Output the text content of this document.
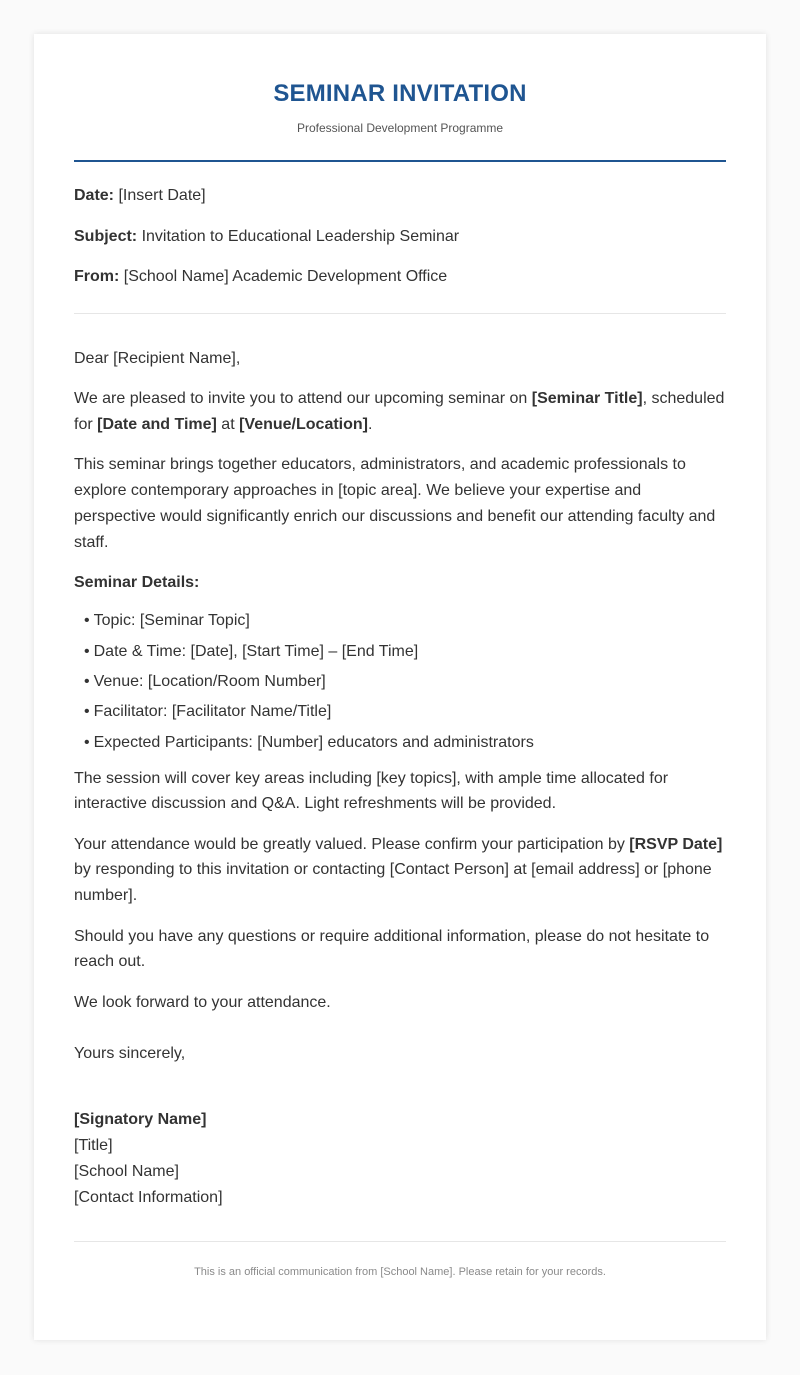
SEMINAR INVITATION
Professional Development Programme
Date: [Insert Date]
Subject: Invitation to Educational Leadership Seminar
From: [School Name] Academic Development Office

Dear [Recipient Name],

We are pleased to invite you to attend our upcoming seminar on [Seminar Title], scheduled for [Date and Time] at [Venue/Location].

This seminar brings together educators, administrators, and academic professionals to explore contemporary approaches in [topic area]. We believe your expertise and perspective would significantly enrich our discussions and benefit our attending faculty and staff.

Seminar Details:

• Topic: [Seminar Topic]
• Date & Time: [Date], [Start Time] – [End Time]
• Venue: [Location/Room Number]
• Facilitator: [Facilitator Name/Title]
• Expected Participants: [Number] educators and administrators

The session will cover key areas including [key topics], with ample time allocated for interactive discussion and Q&A. Light refreshments will be provided.

Your attendance would be greatly valued. Please confirm your participation by [RSVP Date] by responding to this invitation or contacting [Contact Person] at [email address] or [phone number].

Should you have any questions or require additional information, please do not hesitate to reach out.

We look forward to your attendance.

Yours sincerely,
[Signatory Name]
[Title]
[School Name]
[Contact Information]
This is an official communication from [School Name]. Please retain for your records.
